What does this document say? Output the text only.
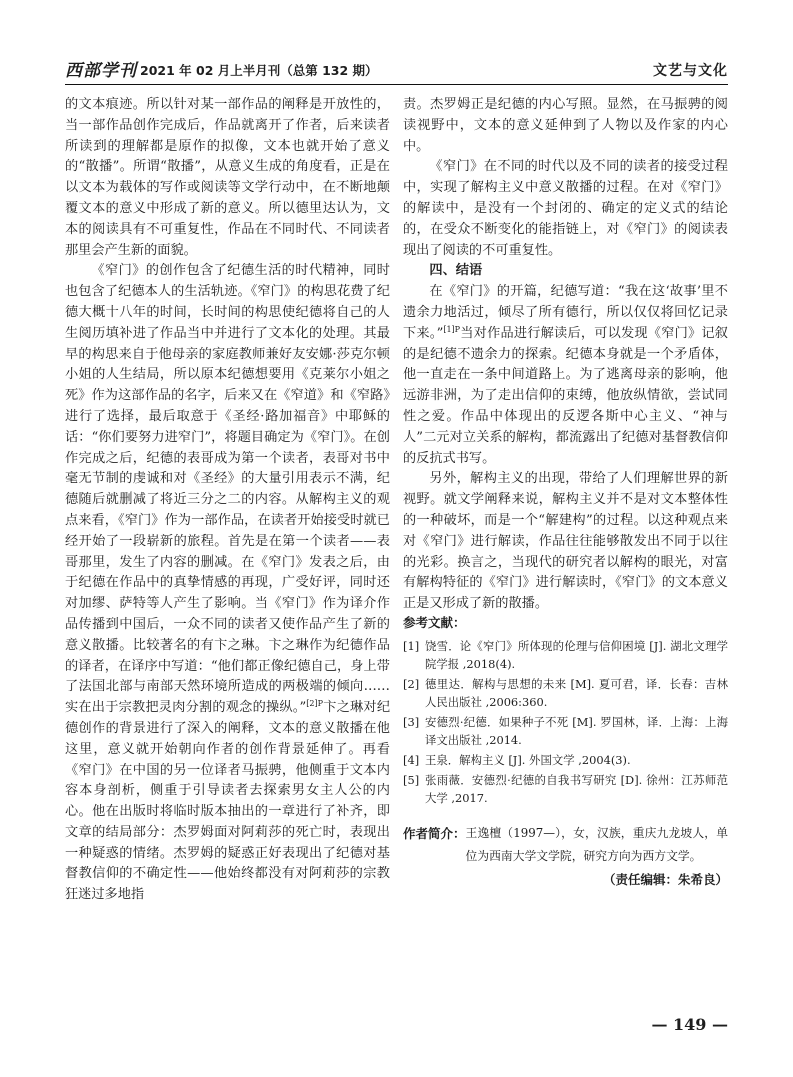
西部学刊 2021 年 02 月上半月刊（总第 132 期）	文艺与文化

的文本痕迹。所以针对某一部作品的阐释是开放性的，当一部作品创作完成后，作品就离开了作者，后来读者所读到的理解都是原作的拟像，文本也就开始了意义的“散播”。所谓“散播”，从意义生成的角度看，正是在以文本为载体的写作或阅读等文学行动中，在不断地颠覆文本的意义中形成了新的意义。所以德里达认为，文本的阅读具有不可重复性，作品在不同时代、不同读者那里会产生新的面貌。

《窄门》的创作包含了纪德生活的时代精神，同时也包含了纪德本人的生活轨迹。《窄门》的构思花费了纪德大概十八年的时间，长时间的构思使纪德将自己的人生阅历填补进了作品当中并进行了文本化的处理。其最早的构思来自于他母亲的家庭教师兼好友安娜·莎克尔顿小姐的人生结局，所以原本纪德想要用《克莱尔小姐之死》作为这部作品的名字，后来又在《窄道》和《窄路》进行了选择，最后取意于《圣经·路加福音》中耶稣的话：“你们要努力进窄门”，将题目确定为《窄门》。在创作完成之后，纪德的表哥成为第一个读者，表哥对书中毫无节制的虔诚和对《圣经》的大量引用表示不满，纪德随后就删减了将近三分之二的内容。从解构主义的观点来看，《窄门》作为一部作品，在读者开始接受时就已经开始了一段崭新的旅程。首先是在第一个读者——表哥那里，发生了内容的删减。在《窄门》发表之后，由于纪德在作品中的真挚情感的再现，广受好评，同时还对加缪、萨特等人产生了影响。当《窄门》作为译介作品传播到中国后，一众不同的读者又使作品产生了新的意义散播。比较著名的有卞之琳。卞之琳作为纪德作品的译者，在译序中写道：“他们都正像纪德自己，身上带了法国北部与南部天然环境所造成的两极端的倾向……实在出于宗教把灵肉分割的观念的操纵。”$^{[2]P}$卞之琳对纪德创作的背景进行了深入的阐释，文本的意义散播在他这里，意义就开始朝向作者的创作背景延伸了。再看《窄门》在中国的另一位译者马振骋，他侧重于文本内容本身剖析，侧重于引导读者去探索男女主人公的内心。他在出版时将临时版本抽出的一章进行了补齐，即文章的结局部分：杰罗姆面对阿莉莎的死亡时，表现出一种疑惑的情绪。杰罗姆的疑惑正好表现出了纪德对基督教信仰的不确定性——他始终都没有对阿莉莎的宗教狂迷过多地指

责。杰罗姆正是纪德的内心写照。显然，在马振骋的阅读视野中，文本的意义延伸到了人物以及作家的内心中。

《窄门》在不同的时代以及不同的读者的接受过程中，实现了解构主义中意义散播的过程。在对《窄门》的解读中，是没有一个封闭的、确定的定义式的结论的，在受众不断变化的能指链上，对《窄门》的阅读表现出了阅读的不可重复性。

四、结语

在《窄门》的开篇，纪德写道：“我在这‘故事’里不遗余力地活过，倾尽了所有德行，所以仅仅将回忆记录下来。”$^{[1]P}$当对作品进行解读后，可以发现《窄门》记叙的是纪德不遗余力的探索。纪德本身就是一个矛盾体，他一直走在一条中间道路上。为了逃离母亲的影响，他远游非洲，为了走出信仰的束缚，他放纵情欲，尝试同性之爱。作品中体现出的反逻各斯中心主义、“神与人”二元对立关系的解构，都流露出了纪德对基督教信仰的反抗式书写。

另外，解构主义的出现，带给了人们理解世界的新视野。就文学阐释来说，解构主义并不是对文本整体性的一种破坏，而是一个“解建构”的过程。以这种观点来对《窄门》进行解读，作品往往能够散发出不同于以往的光彩。换言之，当现代的研究者以解构的眼光，对富有解构特征的《窄门》进行解读时，《窄门》的文本意义正是又形成了新的散播。

参考文献：
[1] 饶雪．论《窄门》所体现的伦理与信仰困境 [J]. 湖北文理学院学报 ,2018(4).
[2] 德里达．解构与思想的未来 [M]. 夏可君，译．长春：吉林人民出版社 ,2006:360.
[3] 安德烈·纪德．如果种子不死 [M]. 罗国林，译．上海：上海译文出版社 ,2014.
[4] 王泉．解构主义 [J]. 外国文学 ,2004(3).
[5] 张雨薇．安德烈·纪德的自我书写研究 [D]. 徐州：江苏师范大学 ,2017.
作者简介： 王逸檀（1997—），女，汉族，重庆九龙坡人，单位为西南大学文学院，研究方向为西方文学。
（责任编辑：朱希良）
— 149 —
